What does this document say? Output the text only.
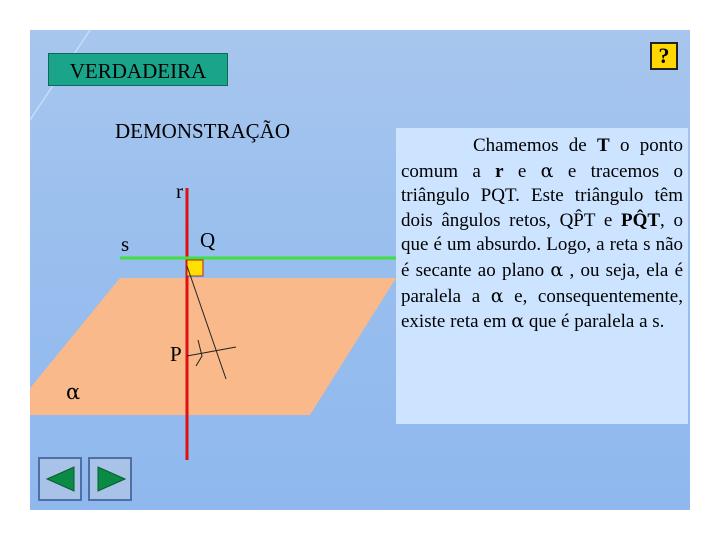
VERDADEIRA
?
DEMONSTRAÇÃO
r
s	Q
P
α

Chamemos de T o ponto comum a r e α e tracemos o triângulo PQT. Este triângulo têm dois ângulos retos, QP̂T e PQ̂T, o que é um absurdo. Logo, a reta s não é secante ao plano α , ou seja, ela é paralela a α e, consequentemente, existe reta em α que é paralela a s.
